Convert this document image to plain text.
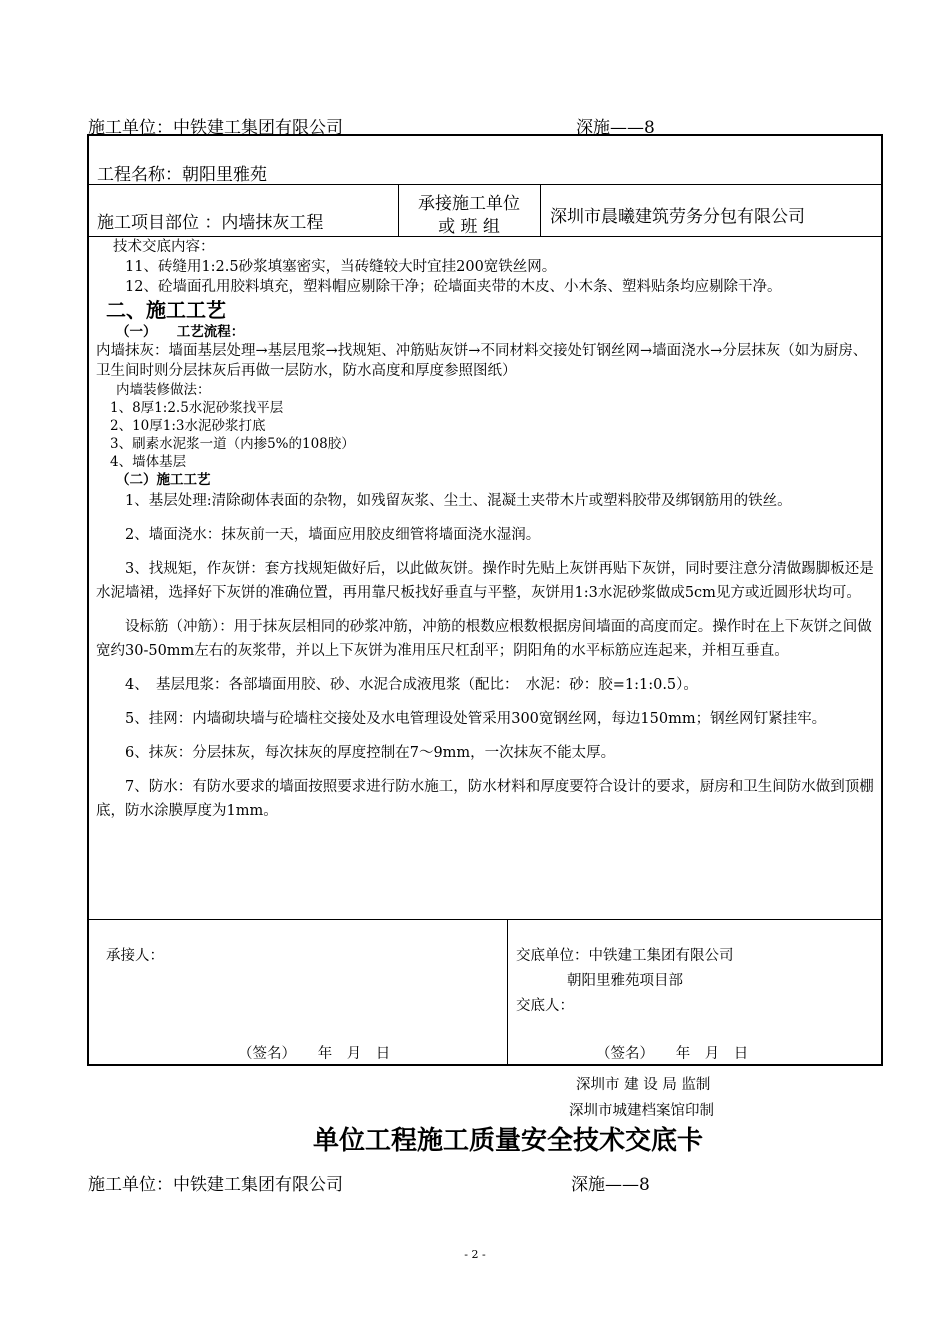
施工单位：中铁建工集团有限公司	深施——8
工程名称：朝阳里雅苑
施工项目部位 ：内墙抹灰工程
承接施工单位
或 班 组	深圳市晨曦建筑劳务分包有限公司

技术交底内容：

11、砖缝用1:2.5砂浆填塞密实，当砖缝较大时宜挂200宽铁丝网。

12、砼墙面孔用胶料填充，塑料帽应剔除干净；砼墙面夹带的木皮、小木条、塑料贴条均应剔除干净。

二、施工工艺

（一）　　工艺流程：

内墙抹灰：墙面基层处理→基层甩浆→找规矩、冲筋贴灰饼→不同材料交接处钉钢丝网→墙面浇水→分层抹灰（如为厨房、卫生间时则分层抹灰后再做一层防水，防水高度和厚度参照图纸）

内墙装修做法：

1、8厚1:2.5水泥砂浆找平层

2、10厚1:3水泥砂浆打底

3、刷素水泥浆一道（内掺5%的108胶）

4、墙体基层

（二）施工工艺

1、基层处理:清除砌体表面的杂物，如残留灰浆、尘土、混凝土夹带木片或塑料胶带及绑钢筋用的铁丝。

2、墙面浇水：抹灰前一天，墙面应用胶皮细管将墙面浇水湿润。

3、找规矩，作灰饼：套方找规矩做好后，以此做灰饼。操作时先贴上灰饼再贴下灰饼，同时要注意分清做踢脚板还是水泥墙裙，选择好下灰饼的准确位置，再用靠尺板找好垂直与平整，灰饼用1:3水泥砂浆做成5cm见方或近圆形状均可。

设标筋（冲筋）：用于抹灰层相同的砂浆冲筋，冲筋的根数应根数根据房间墙面的高度而定。操作时在上下灰饼之间做宽约30-50mm左右的灰浆带，并以上下灰饼为准用压尺杠刮平；阴阳角的水平标筋应连起来，并相互垂直。

4、　基层甩浆：各部墙面用胶、砂、水泥合成液甩浆（配比：　水泥：砂：胶=1:1:0.5）。

5、挂网：内墙砌块墙与砼墙柱交接处及水电管理设处管采用300宽钢丝网，每边150mm；钢丝网钉紧挂牢。

6、抹灰：分层抹灰，每次抹灰的厚度控制在7～9mm，一次抹灰不能太厚。

7、防水：有防水要求的墙面按照要求进行防水施工，防水材料和厚度要符合设计的要求，厨房和卫生间防水做到顶棚底，防水涂膜厚度为1mm。

承接人：
（签名）　　年　月　日
交底单位：中铁建工集团有限公司
朝阳里雅苑项目部
交底人：
（签名）　　年　月　日
深圳市 建 设 局 监制
深圳市城建档案馆印制
单位工程施工质量安全技术交底卡
施工单位：中铁建工集团有限公司	深施——8
- 2 -
